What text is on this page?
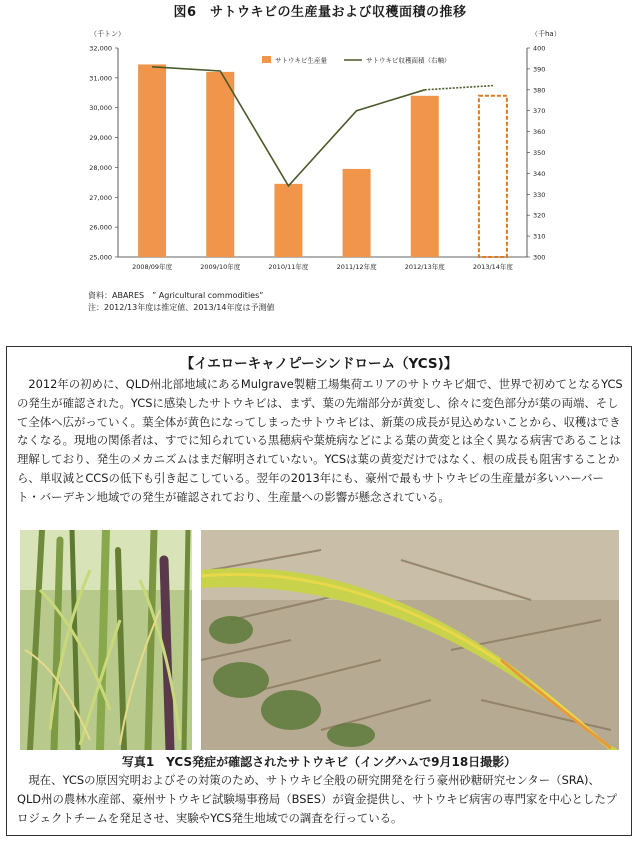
図6　サトウキビの生産量および収穫面積の推移
（千トン）	（千ha）
25,000
26,000
27,000
28,000
29,000
30,000
31,000
32,000
300
310
320
330
340
350
360
370
380
390
400
2008/09年度	2009/10年度	2010/11年度	2011/12年度	2012/13年度	2013/14年度
サトウキビ生産量	サトウキビ収穫面積（右軸）
資料：ABARES　” Agricultural commodities”
注：2012/13年度は推定値、2013/14年度は予測値
【イエローキャノピーシンドローム（YCS)】

2012年の初めに、QLD州北部地域にあるMulgrave製糖工場集荷エリアのサトウキビ畑で、世界で初めてとなるYCSの発生が確認された。YCSに感染したサトウキビは、まず、葉の先端部分が黄変し、徐々に変色部分が葉の両端、そして全体へ広がっていく。葉全体が黄色になってしまったサトウキビは、新葉の成長が見込めないことから、収穫はできなくなる。現地の関係者は、すでに知られている黒穂病や葉焼病などによる葉の黄変とは全く異なる病害であることは理解しており、発生のメカニズムはまだ解明されていない。YCSは葉の黄変だけではなく、根の成長も阻害することから、単収減とCCSの低下も引き起こしている。翌年の2013年にも、豪州で最もサトウキビの生産量が多いハーバート・バーデキン地域での発生が確認されており、生産量への影響が懸念されている。

写真1　YCS発症が確認されたサトウキビ（イングハムで9月18日撮影）

現在、YCSの原因究明およびその対策のため、サトウキビ全般の研究開発を行う豪州砂糖研究センター（SRA)、QLD州の農林水産部、豪州サトウキビ試験場事務局（BSES）が資金提供し、サトウキビ病害の専門家を中心としたプロジェクトチームを発足させ、実験やYCS発生地域での調査を行っている。
